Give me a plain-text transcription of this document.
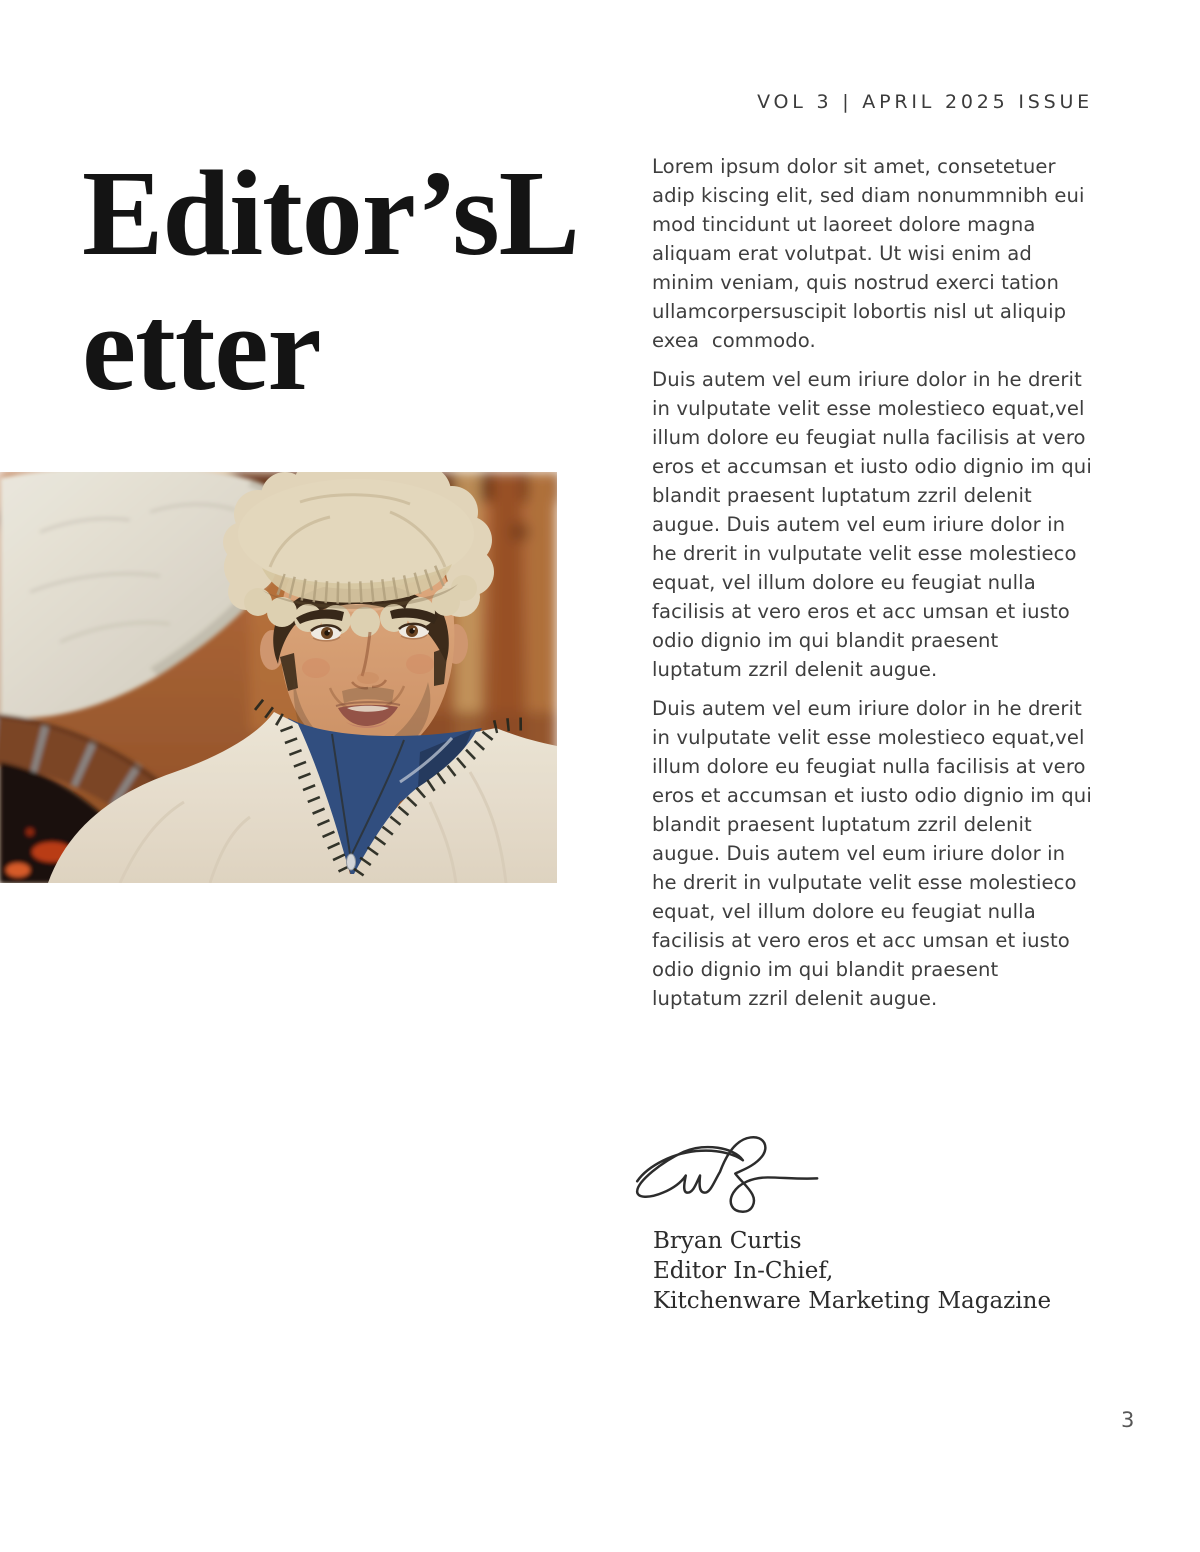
VOL 3 | APRIL 2025 ISSUE
Editor’sL
etter

Lorem ipsum dolor sit amet, consetetuer adip kiscing elit, sed diam nonummnibh eui mod tincidunt ut laoreet dolore magna aliquam erat volutpat. Ut wisi enim ad minim veniam, quis nostrud exerci tation ullamcorpersuscipit lobortis nisl ut aliquip exea  commodo.

Duis autem vel eum iriure dolor in he drerit in vulputate velit esse molestieco equat,vel illum dolore eu feugiat nulla facilisis at vero eros et accumsan et iusto odio dignio im qui blandit praesent luptatum zzril delenit augue. Duis autem vel eum iriure dolor in he drerit in vulputate velit esse molestieco equat, vel illum dolore eu feugiat nulla facilisis at vero eros et acc umsan et iusto odio dignio im qui blandit praesent luptatum zzril delenit augue.

Duis autem vel eum iriure dolor in he drerit in vulputate velit esse molestieco equat,vel illum dolore eu feugiat nulla facilisis at vero eros et accumsan et iusto odio dignio im qui blandit praesent luptatum zzril delenit augue. Duis autem vel eum iriure dolor in he drerit in vulputate velit esse molestieco equat, vel illum dolore eu feugiat nulla facilisis at vero eros et acc umsan et iusto odio dignio im qui blandit praesent luptatum zzril delenit augue.

Bryan Curtis
Editor In-Chief,
Kitchenware Marketing Magazine
3
